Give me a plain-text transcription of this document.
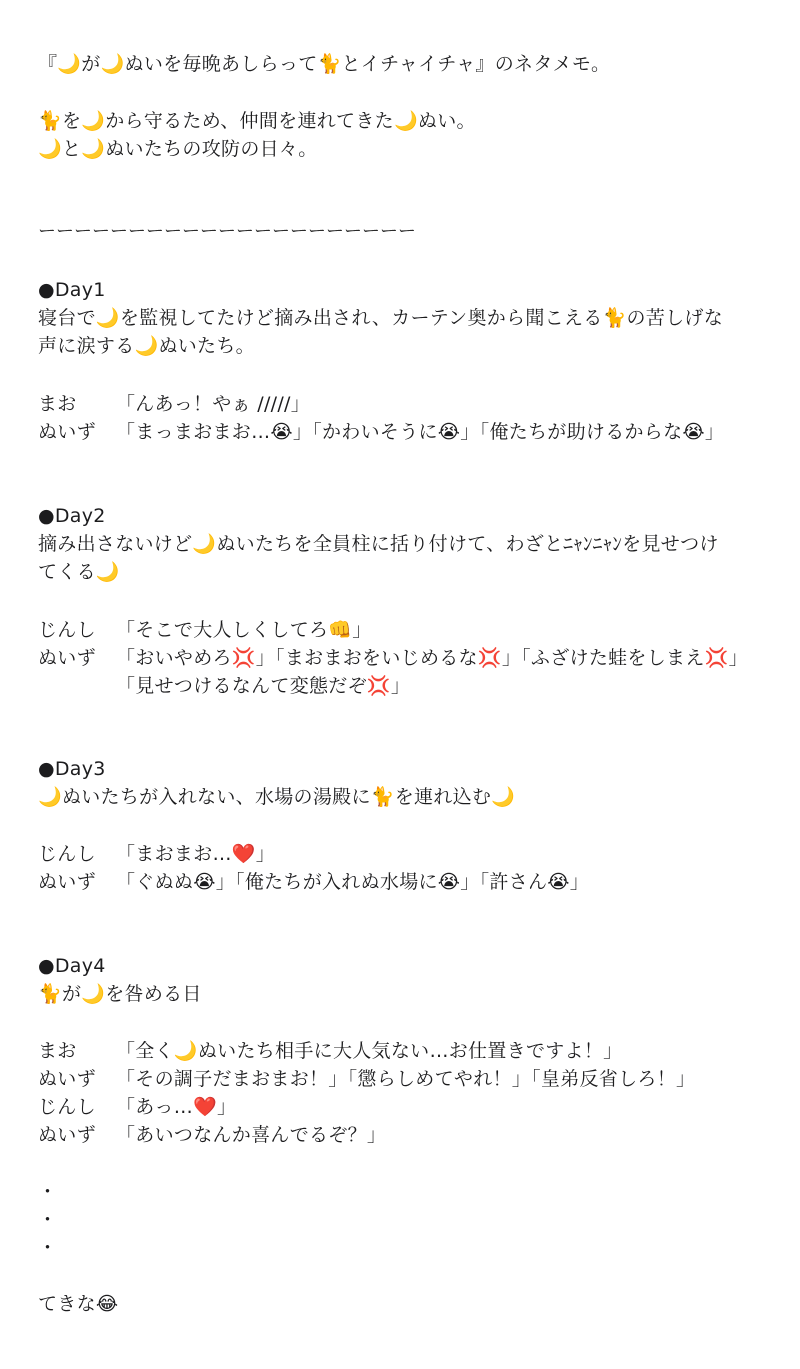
『🌙が🌙ぬいを毎晩あしらって🐈とイチャイチャ』のネタメモ。
🐈を🌙から守るため、仲間を連れてきた🌙ぬい。
🌙と🌙ぬいたちの攻防の日々。
ーーーーーーーーーーーーーーーーーーーーー
●Day1
寝台で🌙を監視してたけど摘み出され、カーテン奥から聞こえる🐈の苦しげな
声に涙する🌙ぬいたち。
まお 「んあっ！やぁ /////」
ぬいず 「まっまおまお…😭」「かわいそうに😭」「俺たちが助けるからな😭」
●Day2
摘み出さないけど🌙ぬいたちを全員柱に括り付けて、わざとﾆｬﾝﾆｬﾝを見せつけ
てくる🌙
じんし 「そこで大人しくしてろ👊」
ぬいず 「おいやめろ💢」「まおまおをいじめるな💢」「ふざけた蛙をしまえ💢」
「見せつけるなんて変態だぞ💢」
●Day3
🌙ぬいたちが入れない、水場の湯殿に🐈を連れ込む🌙
じんし 「まおまお…❤️」
ぬいず 「ぐぬぬ😭」「俺たちが入れぬ水場に😭」「許さん😭」
●Day4
🐈が🌙を咎める日
まお 「全く🌙ぬいたち相手に大人気ない…お仕置きですよ！」
ぬいず 「その調子だまおまお！」「懲らしめてやれ！」「皇弟反省しろ！」
じんし 「あっ…❤️」
ぬいず 「あいつなんか喜んでるぞ？」
・
・
・
てきな😂
